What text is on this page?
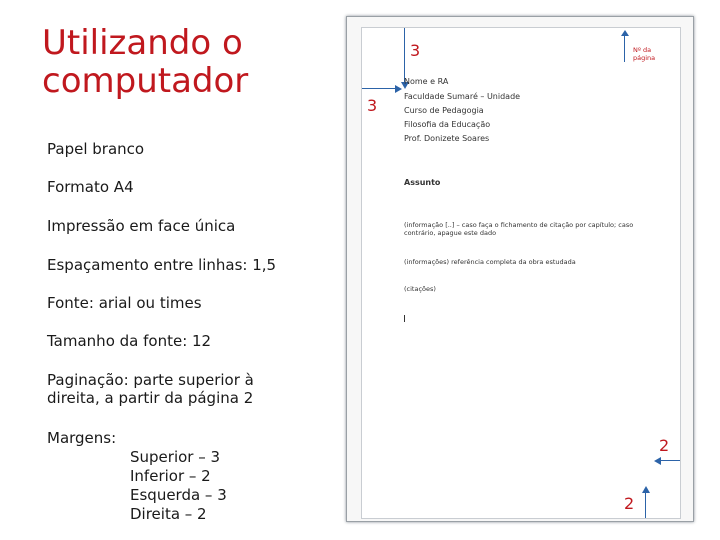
Utilizando o computador
Papel branco
Formato A4
Impressão em face única
Espaçamento entre linhas: 1,5
Fonte: arial ou times
Tamanho da fonte: 12
Paginação: parte superior à direita, a partir da página 2
Margens:
Superior – 3
Inferior – 2
Esquerda – 3
Direita – 2
3
3
Nº da página
Nome e RA
Faculdade Sumaré – Unidade
Curso de Pedagogia
Filosofia da Educação
Prof. Donizete Soares
Assunto
(informação [..] – caso faça o fichamento de citação por capítulo; caso contrário, apague este dado
(informações) referência completa da obra estudada
(citações)
2
2
